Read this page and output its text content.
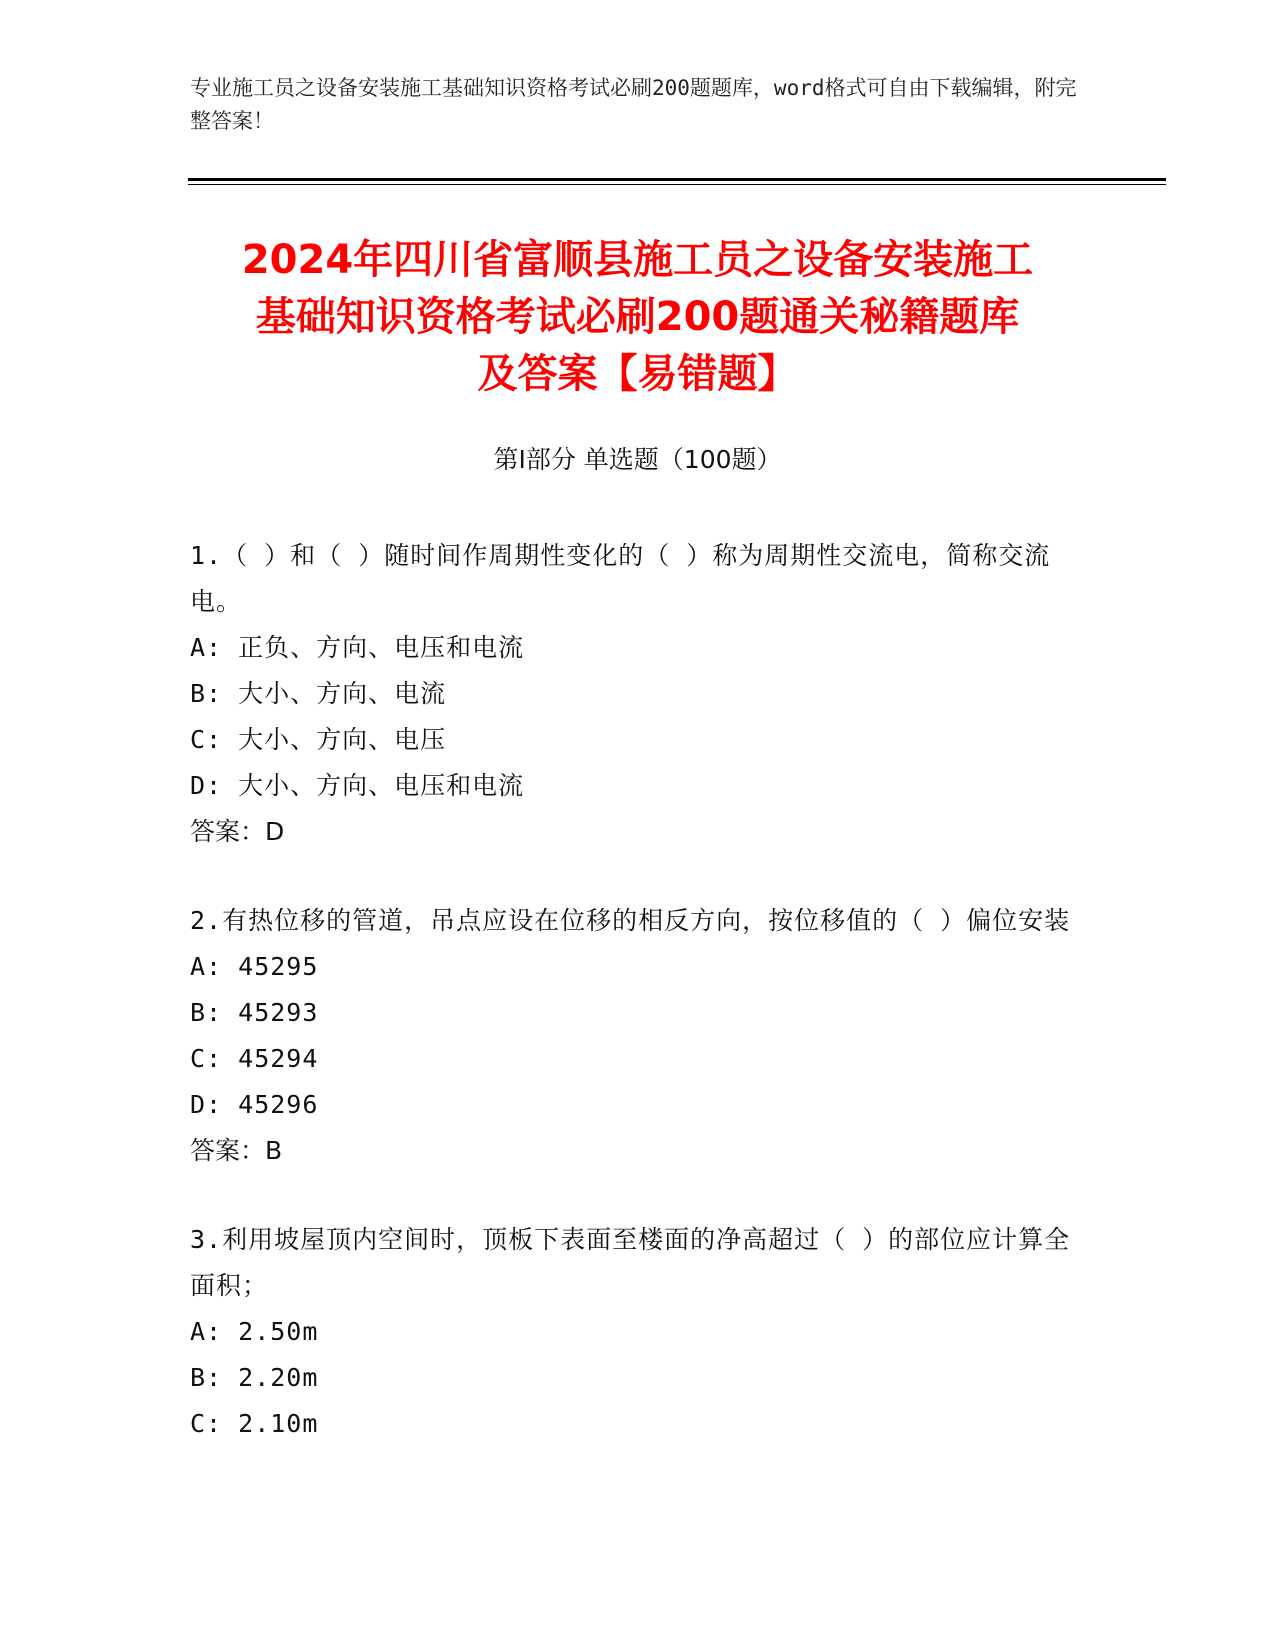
专业施工员之设备安装施工基础知识资格考试必刷200题题库，word格式可自由下载编辑，附完整答案！
2024年四川省富顺县施工员之设备安装施工
基础知识资格考试必刷200题通关秘籍题库
及答案【易错题】
第I部分 单选题（100题）
1.（ ）和（ ）随时间作周期性变化的（ ）称为周期性交流电，简称交流电。
A: 正负、方向、电压和电流
B: 大小、方向、电流
C: 大小、方向、电压
D: 大小、方向、电压和电流
答案：D
2.有热位移的管道，吊点应设在位移的相反方向，按位移值的（ ）偏位安装
A: 45295
B: 45293
C: 45294
D: 45296
答案：B
3.利用坡屋顶内空间时，顶板下表面至楼面的净高超过（ ）的部位应计算全面积；
A: 2.50m
B: 2.20m
C: 2.10m
